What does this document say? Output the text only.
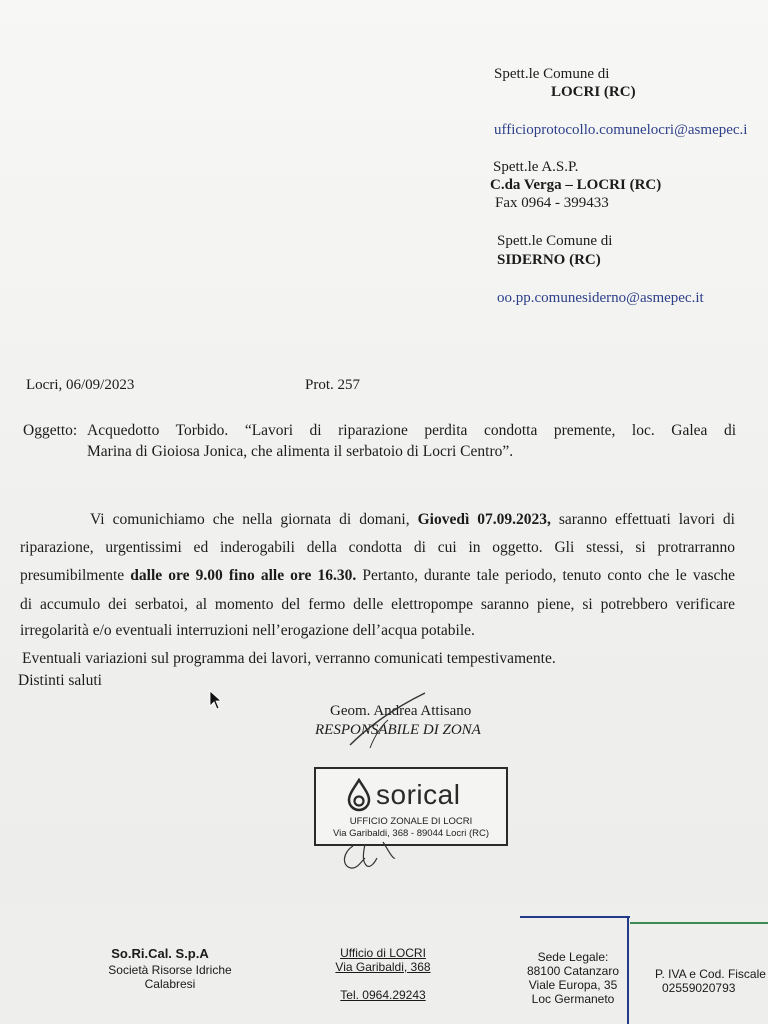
Spett.le Comune di
LOCRI (RC)
ufficioprotocollo.comunelocri@asmepec.i
Spett.le A.S.P.
C.da Verga – LOCRI (RC)
Fax 0964 - 399433
Spett.le Comune di
SIDERNO (RC)
oo.pp.comunesiderno@asmepec.it
Locri, 06/09/2023	Prot. 257
Oggetto: Acquedotto Torbido. “Lavori di riparazione perdita condotta premente, loc. Galea di
Marina di Gioiosa Jonica, che alimenta il serbatoio di Locri Centro”.
Vi comunichiamo che nella giornata di domani, Giovedì 07.09.2023, saranno effettuati lavori di
riparazione, urgentissimi ed inderogabili della condotta di cui in oggetto. Gli stessi, si protrarranno
presumibilmente dalle ore 9.00 fino alle ore 16.30. Pertanto, durante tale periodo, tenuto conto che le vasche
di accumulo dei serbatoi, al momento del fermo delle elettropompe saranno piene, si potrebbero verificare
irregolarità e/o eventuali interruzioni nell’erogazione dell’acqua potabile.
Eventuali variazioni sul programma dei lavori, verranno comunicati tempestivamente.
Distinti saluti
Geom. Andrea Attisano
RESPONSABILE DI ZONA
sorical
UFFICIO ZONALE DI LOCRI
Via Garibaldi, 368 - 89044 Locri (RC)
So.Ri.Cal. S.p.A
Società Risorse Idriche
Calabresi
Ufficio di LOCRI
Via Garibaldi, 368
Tel. 0964.29243
Sede Legale:
88100 Catanzaro
Viale Europa, 35
Loc Germaneto
P. IVA e Cod. Fiscale
02559020793
